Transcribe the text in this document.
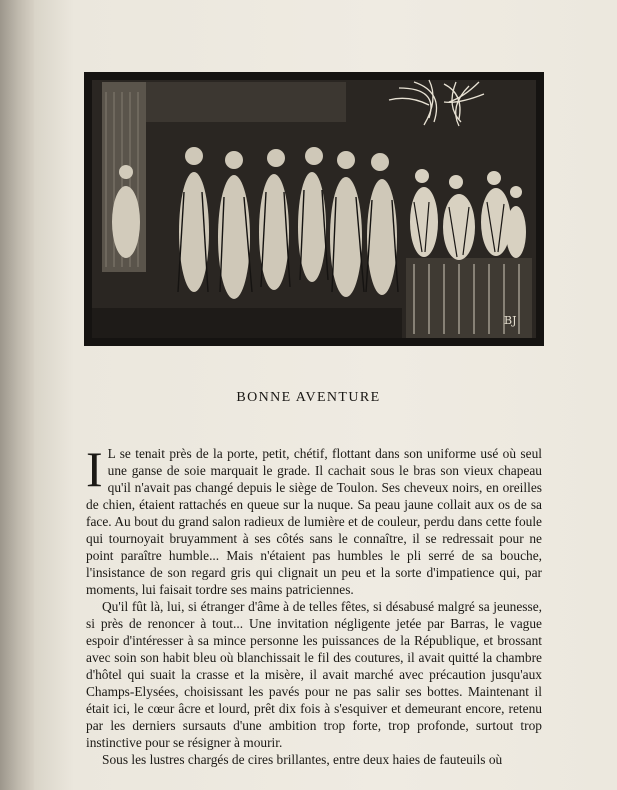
BJ
BONNE AVENTURE

I L se tenait près de la porte, petit, chétif, flottant dans son uniforme usé où seul une ganse de soie marquait le grade. Il cachait sous le bras son vieux chapeau qu'il n'avait pas changé depuis le siège de Toulon. Ses cheveux noirs, en oreilles de chien, étaient rattachés en queue sur la nuque. Sa peau jaune collait aux os de sa face. Au bout du grand salon radieux de lumière et de couleur, perdu dans cette foule qui tournoyait bruyamment à ses côtés sans le connaître, il se redressait pour ne point paraître humble... Mais n'étaient pas humbles le pli serré de sa bouche, l'insistance de son regard gris qui clignait un peu et la sorte d'impatience qui, par moments, lui faisait tordre ses mains patriciennes.

Qu'il fût là, lui, si étranger d'âme à de telles fêtes, si désabusé malgré sa jeunesse, si près de renoncer à tout... Une invitation négligente jetée par Barras, le vague espoir d'intéresser à sa mince personne les puissances de la République, et brossant avec soin son habit bleu où blanchissait le fil des coutures, il avait quitté la chambre d'hôtel qui suait la crasse et la misère, il avait marché avec précaution jusqu'aux Champs-Elysées, choisissant les pavés pour ne pas salir ses bottes. Maintenant il était ici, le cœur âcre et lourd, prêt dix fois à s'esquiver et demeurant encore, retenu par les derniers sursauts d'une ambition trop forte, trop profonde, surtout trop instinctive pour se résigner à mourir.

Sous les lustres chargés de cires brillantes, entre deux haies de fauteuils où
